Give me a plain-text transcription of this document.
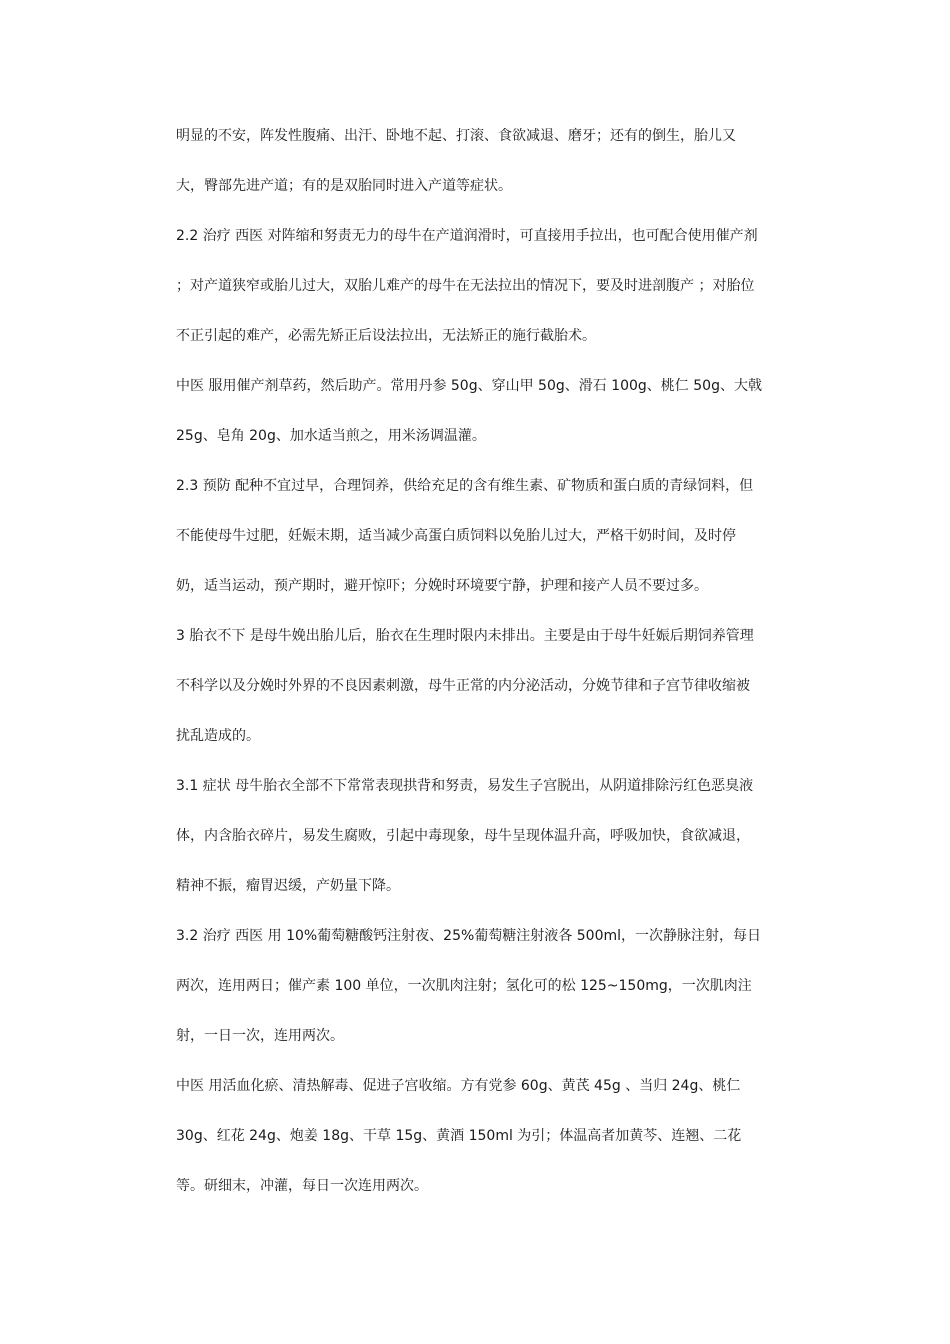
明显的不安，阵发性腹痛、出汗、卧地不起、打滚、食欲减退、磨牙；还有的倒生，胎儿又
大，臀部先进产道；有的是双胎同时进入产道等症状。
2.2 治疗 西医 对阵缩和努责无力的母牛在产道润滑时，可直接用手拉出，也可配合使用催产剂
；对产道狭窄或胎儿过大，双胎儿难产的母牛在无法拉出的情况下，要及时进剖腹产 ；对胎位
不正引起的难产，必需先矫正后设法拉出，无法矫正的施行截胎术。
中医 服用催产剂草药，然后助产。常用丹参 50g、穿山甲 50g、滑石 100g、桃仁 50g、大戟
25g、皂角 20g、加水适当煎之，用米汤调温灌。
2.3 预防 配种不宜过早，合理饲养，供给充足的含有维生素、矿物质和蛋白质的青绿饲料，但
不能使母牛过肥，妊娠末期，适当减少高蛋白质饲料以免胎儿过大，严格干奶时间，及时停
奶，适当运动，预产期时，避开惊吓；分娩时环境要宁静，护理和接产人员不要过多。
3 胎衣不下 是母牛娩出胎儿后，胎衣在生理时限内未排出。主要是由于母牛妊娠后期饲养管理
不科学以及分娩时外界的不良因素刺激，母牛正常的内分泌活动，分娩节律和子宫节律收缩被
扰乱造成的。
3.1 症状 母牛胎衣全部不下常常表现拱背和努责，易发生子宫脱出，从阴道排除污红色恶臭液
体，内含胎衣碎片，易发生腐败，引起中毒现象，母牛呈现体温升高，呼吸加快，食欲减退，
精神不振，瘤胃迟缓，产奶量下降。
3.2 治疗 西医 用 10%葡萄糖酸钙注射夜、25%葡萄糖注射液各 500ml，一次静脉注射，每日
两次，连用两日；催产素 100 单位，一次肌肉注射；氢化可的松 125~150mg，一次肌肉注
射，一日一次，连用两次。
中医 用活血化瘀、清热解毒、促进子宫收缩。方有党参 60g、黄芪 45g 、当归 24g、桃仁
30g、红花 24g、炮姜 18g、干草 15g、黄酒 150ml 为引；体温高者加黄芩、连翘、二花
等。研细末，冲灌，每日一次连用两次。
